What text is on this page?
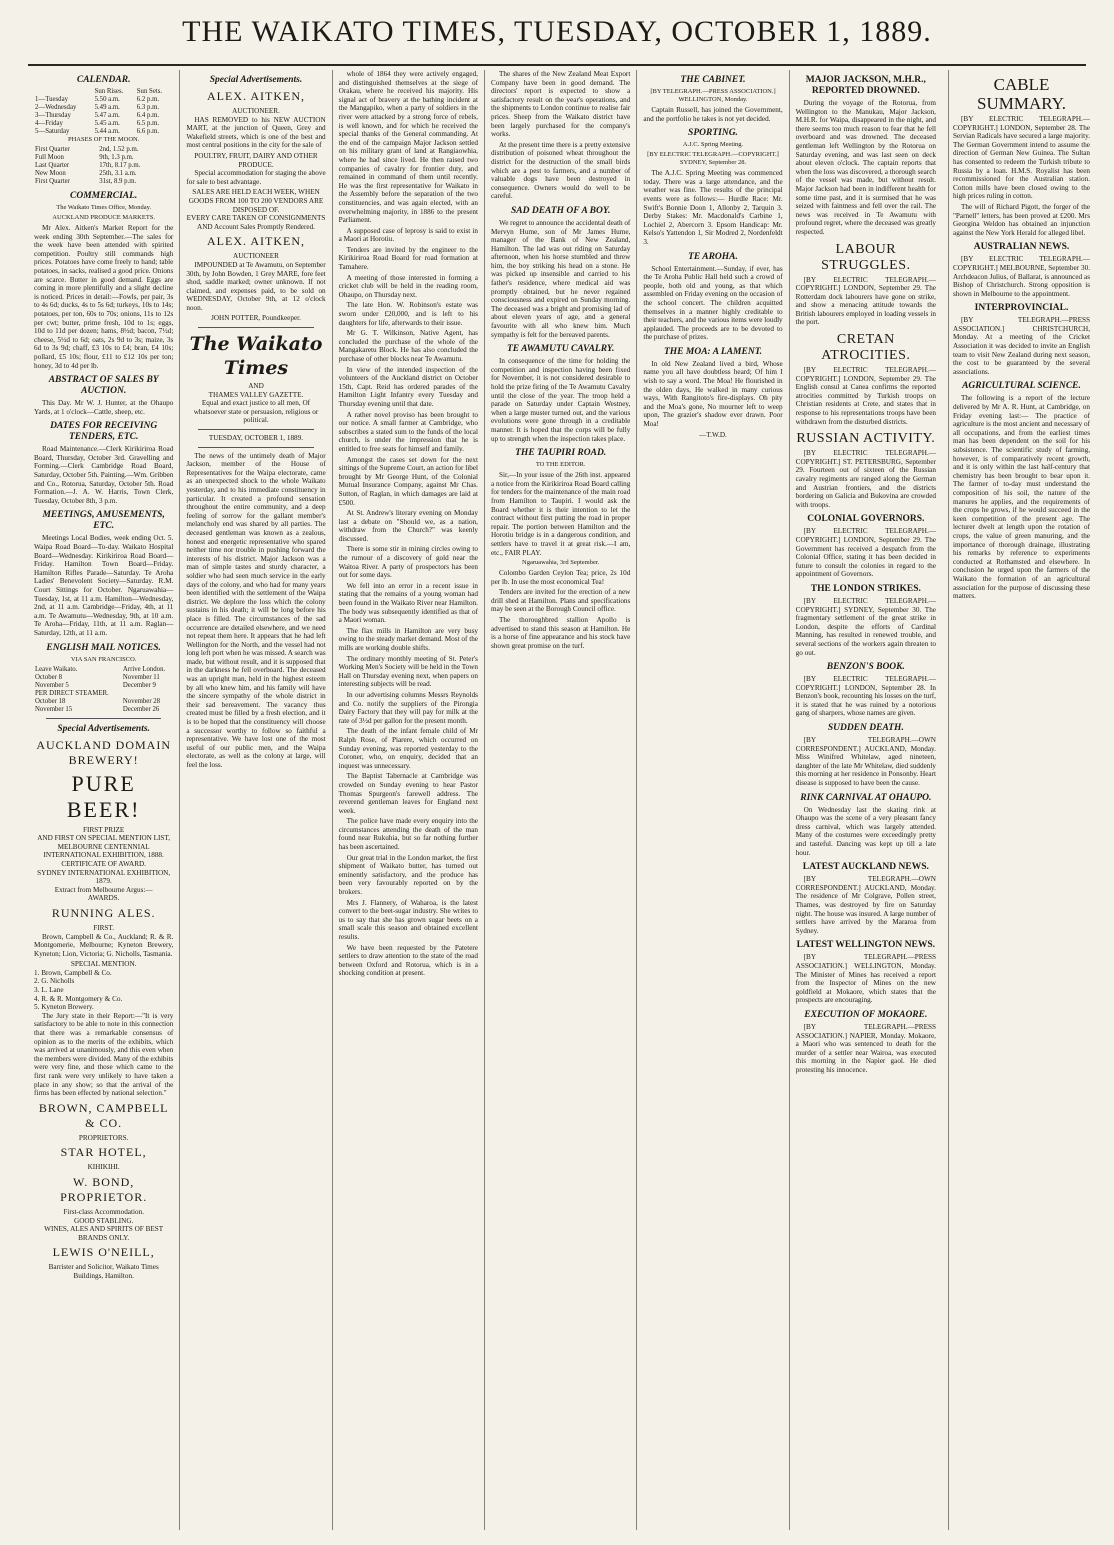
THE WAIKATO TIMES, TUESDAY, OCTOBER 1, 1889.
CALENDAR.
	Sun Rises.	Sun Sets.
1—Tuesday	5.50 a.m.	6.2 p.m.
2—Wednesday	5.49 a.m.	6.3 p.m.
3—Thursday	5.47 a.m.	6.4 p.m.
4—Friday	5.45 a.m.	6.5 p.m.
5—Saturday	5.44 a.m.	6.6 p.m.
PHASES OF THE MOON.
First Quarter	2nd, 1.52 p.m.
Full Moon	9th, 1.3 p.m.
Last Quarter	17th, 8.17 p.m.
New Moon	25th, 3.1 a.m.
First Quarter	31st, 8.9 p.m.
COMMERCIAL.
The Waikato Times Office, Monday.
AUCKLAND PRODUCE MARKETS.

Mr Alex. Aitken's Market Report for the week ending 30th September.—The sales for the week have been attended with spirited competition. Poultry still commands high prices. Potatoes have come freely to hand; table potatoes, in sacks, realised a good price. Onions are scarce. Butter in good demand. Eggs are coming in more plentifully and a slight decline is noticed. Prices in detail:—Fowls, per pair, 3s to 4s 6d; ducks, 4s to 5s 6d; turkeys, 10s to 14s; potatoes, per ton, 60s to 70s; onions, 11s to 12s per cwt; butter, prime fresh, 10d to 1s; eggs, 10d to 11d per dozen; hams, 8½d; bacon, 7½d; cheese, 5½d to 6d; oats, 2s 9d to 3s; maize, 3s 6d to 3s 9d; chaff, £3 10s to £4; bran, £4 10s; pollard, £5 10s; flour, £11 to £12 10s per ton; honey, 3d to 4d per lb.

ABSTRACT OF SALES BY AUCTION.

This Day. Mr W. J. Hunter, at the Ohaupo Yards, at 1 o'clock—Cattle, sheep, etc.

DATES FOR RECEIVING TENDERS, ETC.

Road Maintenance.—Clerk Kirikiriroa Road Board, Thursday, October 3rd. Gravelling and Forming.—Clerk Cambridge Road Board, Saturday, October 5th. Painting.—Wm. Gribben and Co., Rotorua, Saturday, October 5th. Road Formation.—J. A. W. Harris, Town Clerk, Tuesday, October 8th, 3 p.m.

MEETINGS, AMUSEMENTS, ETC.

Meetings Local Bodies, week ending Oct. 5. Waipa Road Board—To-day. Waikato Hospital Board—Wednesday. Kirikiriroa Road Board—Friday. Hamilton Town Board—Friday. Hamilton Rifles Parade—Saturday. Te Aroha Ladies' Benevolent Society—Saturday. R.M. Court Sittings for October. Ngaruawahia—Tuesday, 1st, at 11 a.m. Hamilton—Wednesday, 2nd, at 11 a.m. Cambridge—Friday, 4th, at 11 a.m. Te Awamutu—Wednesday, 9th, at 10 a.m. Te Aroha—Friday, 11th, at 11 a.m. Raglan—Saturday, 12th, at 11 a.m.

ENGLISH MAIL NOTICES.
VIA SAN FRANCISCO.
Leave Waikato.	Arrive London.
October 8	November 11
November 5	December 9
PER DIRECT STEAMER.	
October 18	November 28
November 15	December 26
Special Advertisements.
AUCKLAND DOMAIN BREWERY!
PURE BEER!
FIRST PRIZE
AND FIRST ON SPECIAL MENTION LIST, MELBOURNE CENTENNIAL INTERNATIONAL EXHIBITION, 1888.
CERTIFICATE OF AWARD.
SYDNEY INTERNATIONAL EXHIBITION, 1879.
Extract from Melbourne Argus:—
AWARDS.
RUNNING ALES.
FIRST.

Brown, Campbell & Co., Auckland; R. & R. Montgomerie, Melbourne; Kyneton Brewery, Kyneton; Lion, Victoria; G. Nicholls, Tasmania.

SPECIAL MENTION.
1. Brown, Campbell & Co.
2. G. Nicholls
3. L. Lane
4. R. & R. Montgomery & Co.
5. Kyneton Brewery.

The Jury state in their Report:—"It is very satisfactory to be able to note in this connection that there was a remarkable consensus of opinion as to the merits of the exhibits, which was arrived at unanimously, and this even when the members were divided. Many of the exhibits were very fine, and those which came to the first rank were very unlikely to have taken a place in any show; so that the arrival of the firms has been effected by national selection."

BROWN, CAMPBELL & CO.
PROPRIETORS.
STAR HOTEL,
KIHIKIHI.
W. BOND, PROPRIETOR.
First-class Accommodation.
GOOD STABLING.
WINES, ALES AND SPIRITS OF BEST BRANDS ONLY.
LEWIS O'NEILL,
Barrister and Solicitor, Waikato Times Buildings, Hamilton.
Special Advertisements.
ALEX. AITKEN,
AUCTIONEER.

HAS REMOVED to his NEW AUCTION MART, at the junction of Queen, Grey and Wakefield streets, which is one of the best and most central positions in the city for the sale of

POULTRY, FRUIT, DAIRY AND OTHER PRODUCE.

Special accommodation for staging the above for sale to best advantage.

SALES ARE HELD EACH WEEK, WHEN GOODS FROM 100 TO 200 VENDORS ARE DISPOSED OF.
EVERY CARE TAKEN OF CONSIGNMENTS
AND Account Sales Promptly Rendered.
ALEX. AITKEN,
AUCTIONEER

IMPOUNDED at Te Awamutu, on September 30th, by John Bowden, 1 Grey MARE, fore feet shod, saddle marked; owner unknown. If not claimed, and expenses paid, to be sold on WEDNESDAY, October 9th, at 12 o'clock noon.

JOHN POTTER, Poundkeeper.
The Waikato Times
AND
THAMES VALLEY GAZETTE.
Equal and exact justice to all men, Of whatsoever state or persuasion, religious or political.
TUESDAY, OCTOBER 1, 1889.

The news of the untimely death of Major Jackson, member of the House of Representatives for the Waipa electorate, came as an unexpected shock to the whole Waikato yesterday, and to his immediate constituency in particular. It created a profound sensation throughout the entire community, and a deep feeling of sorrow for the gallant member's melancholy end was shared by all parties. The deceased gentleman was known as a zealous, honest and energetic representative who spared neither time nor trouble in pushing forward the interests of his district. Major Jackson was a man of simple tastes and sturdy character, a soldier who had seen much service in the early days of the colony, and who had for many years been identified with the settlement of the Waipa district. We deplore the loss which the colony sustains in his death; it will be long before his place is filled. The circumstances of the sad occurrence are detailed elsewhere, and we need not repeat them here. It appears that he had left Wellington for the North, and the vessel had not long left port when he was missed. A search was made, but without result, and it is supposed that in the darkness he fell overboard. The deceased was an upright man, held in the highest esteem by all who knew him, and his family will have the sincere sympathy of the whole district in their sad bereavement. The vacancy thus created must be filled by a fresh election, and it is to be hoped that the constituency will choose a successor worthy to follow so faithful a representative. We have lost one of the most useful of our public men, and the Waipa electorate, as well as the colony at large, will feel the loss.

whole of 1864 they were actively engaged, and distinguished themselves at the siege of Orakau, where he received his majority. His signal act of bravery at the bathing incident at the Mangapiko, when a party of soldiers in the river were attacked by a strong force of rebels, is well known, and for which he received the special thanks of the General commanding. At the end of the campaign Major Jackson settled on his military grant of land at Rangiaowhia, where he had since lived. He then raised two companies of cavalry for frontier duty, and remained in command of them until recently. He was the first representative for Waikato in the Assembly before the separation of the two constituencies, and was again elected, with an overwhelming majority, in 1886 to the present Parliament.

A supposed case of leprosy is said to exist in a Maori at Horotiu.

Tenders are invited by the engineer to the Kirikiriroa Road Board for road formation at Tamahere.

A meeting of those interested in forming a cricket club will be held in the reading room, Ohaupo, on Thursday next.

The late Hon. W. Robinson's estate was sworn under £20,000, and is left to his daughters for life, afterwards to their issue.

Mr G. T. Wilkinson, Native Agent, has concluded the purchase of the whole of the Mangakaretu Block. He has also concluded the purchase of other blocks near Te Awamutu.

In view of the intended inspection of the volunteers of the Auckland district on October 15th, Capt. Reid has ordered parades of the Hamilton Light Infantry every Tuesday and Thursday evening until that date.

A rather novel proviso has been brought to our notice. A small farmer at Cambridge, who subscribes a stated sum to the funds of the local church, is under the impression that he is entitled to free seats for himself and family.

Amongst the cases set down for the next sittings of the Supreme Court, an action for libel brought by Mr George Hunt, of the Colonial Mutual Insurance Company, against Mr Chas. Sutton, of Raglan, in which damages are laid at £500.

At St. Andrew's literary evening on Monday last a debate on "Should we, as a nation, withdraw from the Church?" was keenly discussed.

There is some stir in mining circles owing to the rumour of a discovery of gold near the Waitoa River. A party of prospectors has been out for some days.

We fell into an error in a recent issue in stating that the remains of a young woman had been found in the Waikato River near Hamilton. The body was subsequently identified as that of a Maori woman.

The flax mills in Hamilton are very busy owing to the steady market demand. Most of the mills are working double shifts.

The ordinary monthly meeting of St. Peter's Working Men's Society will be held in the Town Hall on Thursday evening next, when papers on interesting subjects will be read.

In our advertising columns Messrs Reynolds and Co. notify the suppliers of the Pirongia Dairy Factory that they will pay for milk at the rate of 3½d per gallon for the present month.

The death of the infant female child of Mr Ralph Rose, of Piarere, which occurred on Sunday evening, was reported yesterday to the Coroner, who, on enquiry, decided that an inquest was unnecessary.

The Baptist Tabernacle at Cambridge was crowded on Sunday evening to hear Pastor Thomas Spurgeon's farewell address. The reverend gentleman leaves for England next week.

The police have made every enquiry into the circumstances attending the death of the man found near Rukuhia, but so far nothing further has been ascertained.

Our great trial in the London market, the first shipment of Waikato butter, has turned out eminently satisfactory, and the produce has been very favourably reported on by the brokers.

Mrs J. Flannery, of Waharoa, is the latest convert to the beet-sugar industry. She writes to us to say that she has grown sugar beets on a small scale this season and obtained excellent results.

We have been requested by the Patetere settlers to draw attention to the state of the road between Oxford and Rotorua, which is in a shocking condition at present.

The shares of the New Zealand Meat Export Company have been in good demand. The directors' report is expected to show a satisfactory result on the year's operations, and the shipments to London continue to realise fair prices. Sheep from the Waikato district have been largely purchased for the company's works.

At the present time there is a pretty extensive distribution of poisoned wheat throughout the district for the destruction of the small birds which are a pest to farmers, and a number of valuable dogs have been destroyed in consequence. Owners would do well to be careful.

SAD DEATH OF A BOY.

We regret to announce the accidental death of Mervyn Hume, son of Mr James Hume, manager of the Bank of New Zealand, Hamilton. The lad was out riding on Saturday afternoon, when his horse stumbled and threw him, the boy striking his head on a stone. He was picked up insensible and carried to his father's residence, where medical aid was promptly obtained, but he never regained consciousness and expired on Sunday morning. The deceased was a bright and promising lad of about eleven years of age, and a general favourite with all who knew him. Much sympathy is felt for the bereaved parents.

TE AWAMUTU CAVALRY.

In consequence of the time for holding the competition and inspection having been fixed for November, it is not considered desirable to hold the prize firing of the Te Awamutu Cavalry until the close of the year. The troop held a parade on Saturday under Captain Westney, when a large muster turned out, and the various evolutions were gone through in a creditable manner. It is hoped that the corps will be fully up to strength when the inspection takes place.

THE TAUPIRI ROAD.
TO THE EDITOR.

Sir,—In your issue of the 26th inst. appeared a notice from the Kirikiriroa Road Board calling for tenders for the maintenance of the main road from Hamilton to Taupiri. I would ask the Board whether it is their intention to let the contract without first putting the road in proper repair. The portion between Hamilton and the Horotiu bridge is in a dangerous condition, and settlers have to travel it at great risk.—I am, etc., FAIR PLAY.

Ngaruawahia, 3rd September.

Colombo Garden Ceylon Tea; price, 2s 10d per lb. In use the most economical Tea!

Tenders are invited for the erection of a new drill shed at Hamilton. Plans and specifications may be seen at the Borough Council office.

The thoroughbred stallion Apollo is advertised to stand this season at Hamilton. He is a horse of fine appearance and his stock have shown great promise on the turf.

THE CABINET.
[BY TELEGRAPH.—PRESS ASSOCIATION.] WELLINGTON, Monday.

Captain Russell, has joined the Government, and the portfolio he takes is not yet decided.

SPORTING.
A.J.C. Spring Meeting.
[BY ELECTRIC TELEGRAPH.—COPYRIGHT.] SYDNEY, September 28.

The A.J.C. Spring Meeting was commenced today. There was a large attendance, and the weather was fine. The results of the principal events were as follows:— Hurdle Race: Mr. Swift's Bonnie Doon 1, Allonby 2, Tarquin 3. Derby Stakes: Mr. Macdonald's Carbine 1, Lochiel 2, Abercorn 3. Epsom Handicap: Mr. Kelso's Yattendon 1, Sir Modred 2, Nordenfeldt 3.

TE AROHA.

School Entertainment.—Sunday, if ever, has the Te Aroha Public Hall held such a crowd of people, both old and young, as that which assembled on Friday evening on the occasion of the school concert. The children acquitted themselves in a manner highly creditable to their teachers, and the various items were loudly applauded. The proceeds are to be devoted to the purchase of prizes.

THE MOA: A LAMENT.

In old New Zealand lived a bird, Whose name you all have doubtless heard; Of him I wish to say a word. The Moa! He flourished in the olden days, He walked in many curious ways, With Rangitoto's fire-displays. Oh pity and the Moa's gone, No mourner left to weep upon, The grazier's shadow ever drawn. Poor Moa!

—T.W.D.
MAJOR JACKSON, M.H.R., REPORTED DROWNED.

During the voyage of the Rotorua, from Wellington to the Manukau, Major Jackson, M.H.R. for Waipa, disappeared in the night, and there seems too much reason to fear that he fell overboard and was drowned. The deceased gentleman left Wellington by the Rotorua on Saturday evening, and was last seen on deck about eleven o'clock. The captain reports that when the loss was discovered, a thorough search of the vessel was made, but without result. Major Jackson had been in indifferent health for some time past, and it is surmised that he was seized with faintness and fell over the rail. The news was received in Te Awamutu with profound regret, where the deceased was greatly respected.

LABOUR STRUGGLES.

[BY ELECTRIC TELEGRAPH.—COPYRIGHT.] LONDON, September 29. The Rotterdam dock labourers have gone on strike, and show a menacing attitude towards the British labourers employed in loading vessels in the port.

CRETAN ATROCITIES.

[BY ELECTRIC TELEGRAPH.—COPYRIGHT.] LONDON, September 29. The English consul at Canea confirms the reported atrocities committed by Turkish troops on Christian residents at Crete, and states that in response to his representations troops have been withdrawn from the disturbed districts.

RUSSIAN ACTIVITY.

[BY ELECTRIC TELEGRAPH.—COPYRIGHT.] ST. PETERSBURG, September 29. Fourteen out of sixteen of the Russian cavalry regiments are ranged along the German and Austrian frontiers, and the districts bordering on Galicia and Bukovina are crowded with troops.

COLONIAL GOVERNORS.

[BY ELECTRIC TELEGRAPH.—COPYRIGHT.] LONDON, September 29. The Government has received a despatch from the Colonial Office, stating it has been decided in future to consult the colonies in regard to the appointment of Governors.

THE LONDON STRIKES.

[BY ELECTRIC TELEGRAPH.—COPYRIGHT.] SYDNEY, September 30. The fragmentary settlement of the great strike in London, despite the efforts of Cardinal Manning, has resulted in renewed trouble, and several sections of the workers again threaten to go out.

BENZON'S BOOK.

[BY ELECTRIC TELEGRAPH.—COPYRIGHT.] LONDON, September 28. In Benzon's book, recounting his losses on the turf, it is stated that he was ruined by a notorious gang of sharpers, whose names are given.

SUDDEN DEATH.

[BY TELEGRAPH.—OWN CORRESPONDENT.] AUCKLAND, Monday. Miss Winifred Whitelaw, aged nineteen, daughter of the late Mr Whitelaw, died suddenly this morning at her residence in Ponsonby. Heart disease is supposed to have been the cause.

RINK CARNIVAL AT OHAUPO.

On Wednesday last the skating rink at Ohaupo was the scene of a very pleasant fancy dress carnival, which was largely attended. Many of the costumes were exceedingly pretty and tasteful. Dancing was kept up till a late hour.

LATEST AUCKLAND NEWS.

[BY TELEGRAPH.—OWN CORRESPONDENT.] AUCKLAND, Monday. The residence of Mr Colgrave, Pollen street, Thames, was destroyed by fire on Saturday night. The house was insured. A large number of settlers have arrived by the Mararoa from Sydney.

LATEST WELLINGTON NEWS.

[BY TELEGRAPH.—PRESS ASSOCIATION.] WELLINGTON, Monday. The Minister of Mines has received a report from the Inspector of Mines on the new goldfield at Mokaore, which states that the prospects are encouraging.

EXECUTION OF MOKAORE.

[BY TELEGRAPH.—PRESS ASSOCIATION.] NAPIER, Monday. Mokaore, a Maori who was sentenced to death for the murder of a settler near Wairoa, was executed this morning in the Napier gaol. He died protesting his innocence.

CABLE SUMMARY.

[BY ELECTRIC TELEGRAPH.—COPYRIGHT.] LONDON, September 28. The Servian Radicals have secured a large majority. The German Government intend to assume the direction of German New Guinea. The Sultan has consented to redeem the Turkish tribute to Russia by a loan. H.M.S. Royalist has been recommissioned for the Australian station. Cotton mills have been closed owing to the high prices ruling in cotton.

The will of Richard Pigott, the forger of the "Parnell" letters, has been proved at £200. Mrs Georgina Weldon has obtained an injunction against the New York Herald for alleged libel.

AUSTRALIAN NEWS.

[BY ELECTRIC TELEGRAPH.—COPYRIGHT.] MELBOURNE, September 30. Archdeacon Julius, of Ballarat, is announced as Bishop of Christchurch. Strong opposition is shown in Melbourne to the appointment.

INTERPROVINCIAL.

[BY TELEGRAPH.—PRESS ASSOCIATION.] CHRISTCHURCH, Monday. At a meeting of the Cricket Association it was decided to invite an English team to visit New Zealand during next season, the cost to be guaranteed by the several associations.

AGRICULTURAL SCIENCE.

The following is a report of the lecture delivered by Mr A. R. Hunt, at Cambridge, on Friday evening last:— The practice of agriculture is the most ancient and necessary of all occupations, and from the earliest times man has been dependent on the soil for his subsistence. The scientific study of farming, however, is of comparatively recent growth, and it is only within the last half-century that chemistry has been brought to bear upon it. The farmer of to-day must understand the composition of his soil, the nature of the manures he applies, and the requirements of the crops he grows, if he would succeed in the keen competition of the present age. The lecturer dwelt at length upon the rotation of crops, the value of green manuring, and the importance of thorough drainage, illustrating his remarks by reference to experiments conducted at Rothamsted and elsewhere. In conclusion he urged upon the farmers of the Waikato the formation of an agricultural association for the purpose of discussing these matters.
